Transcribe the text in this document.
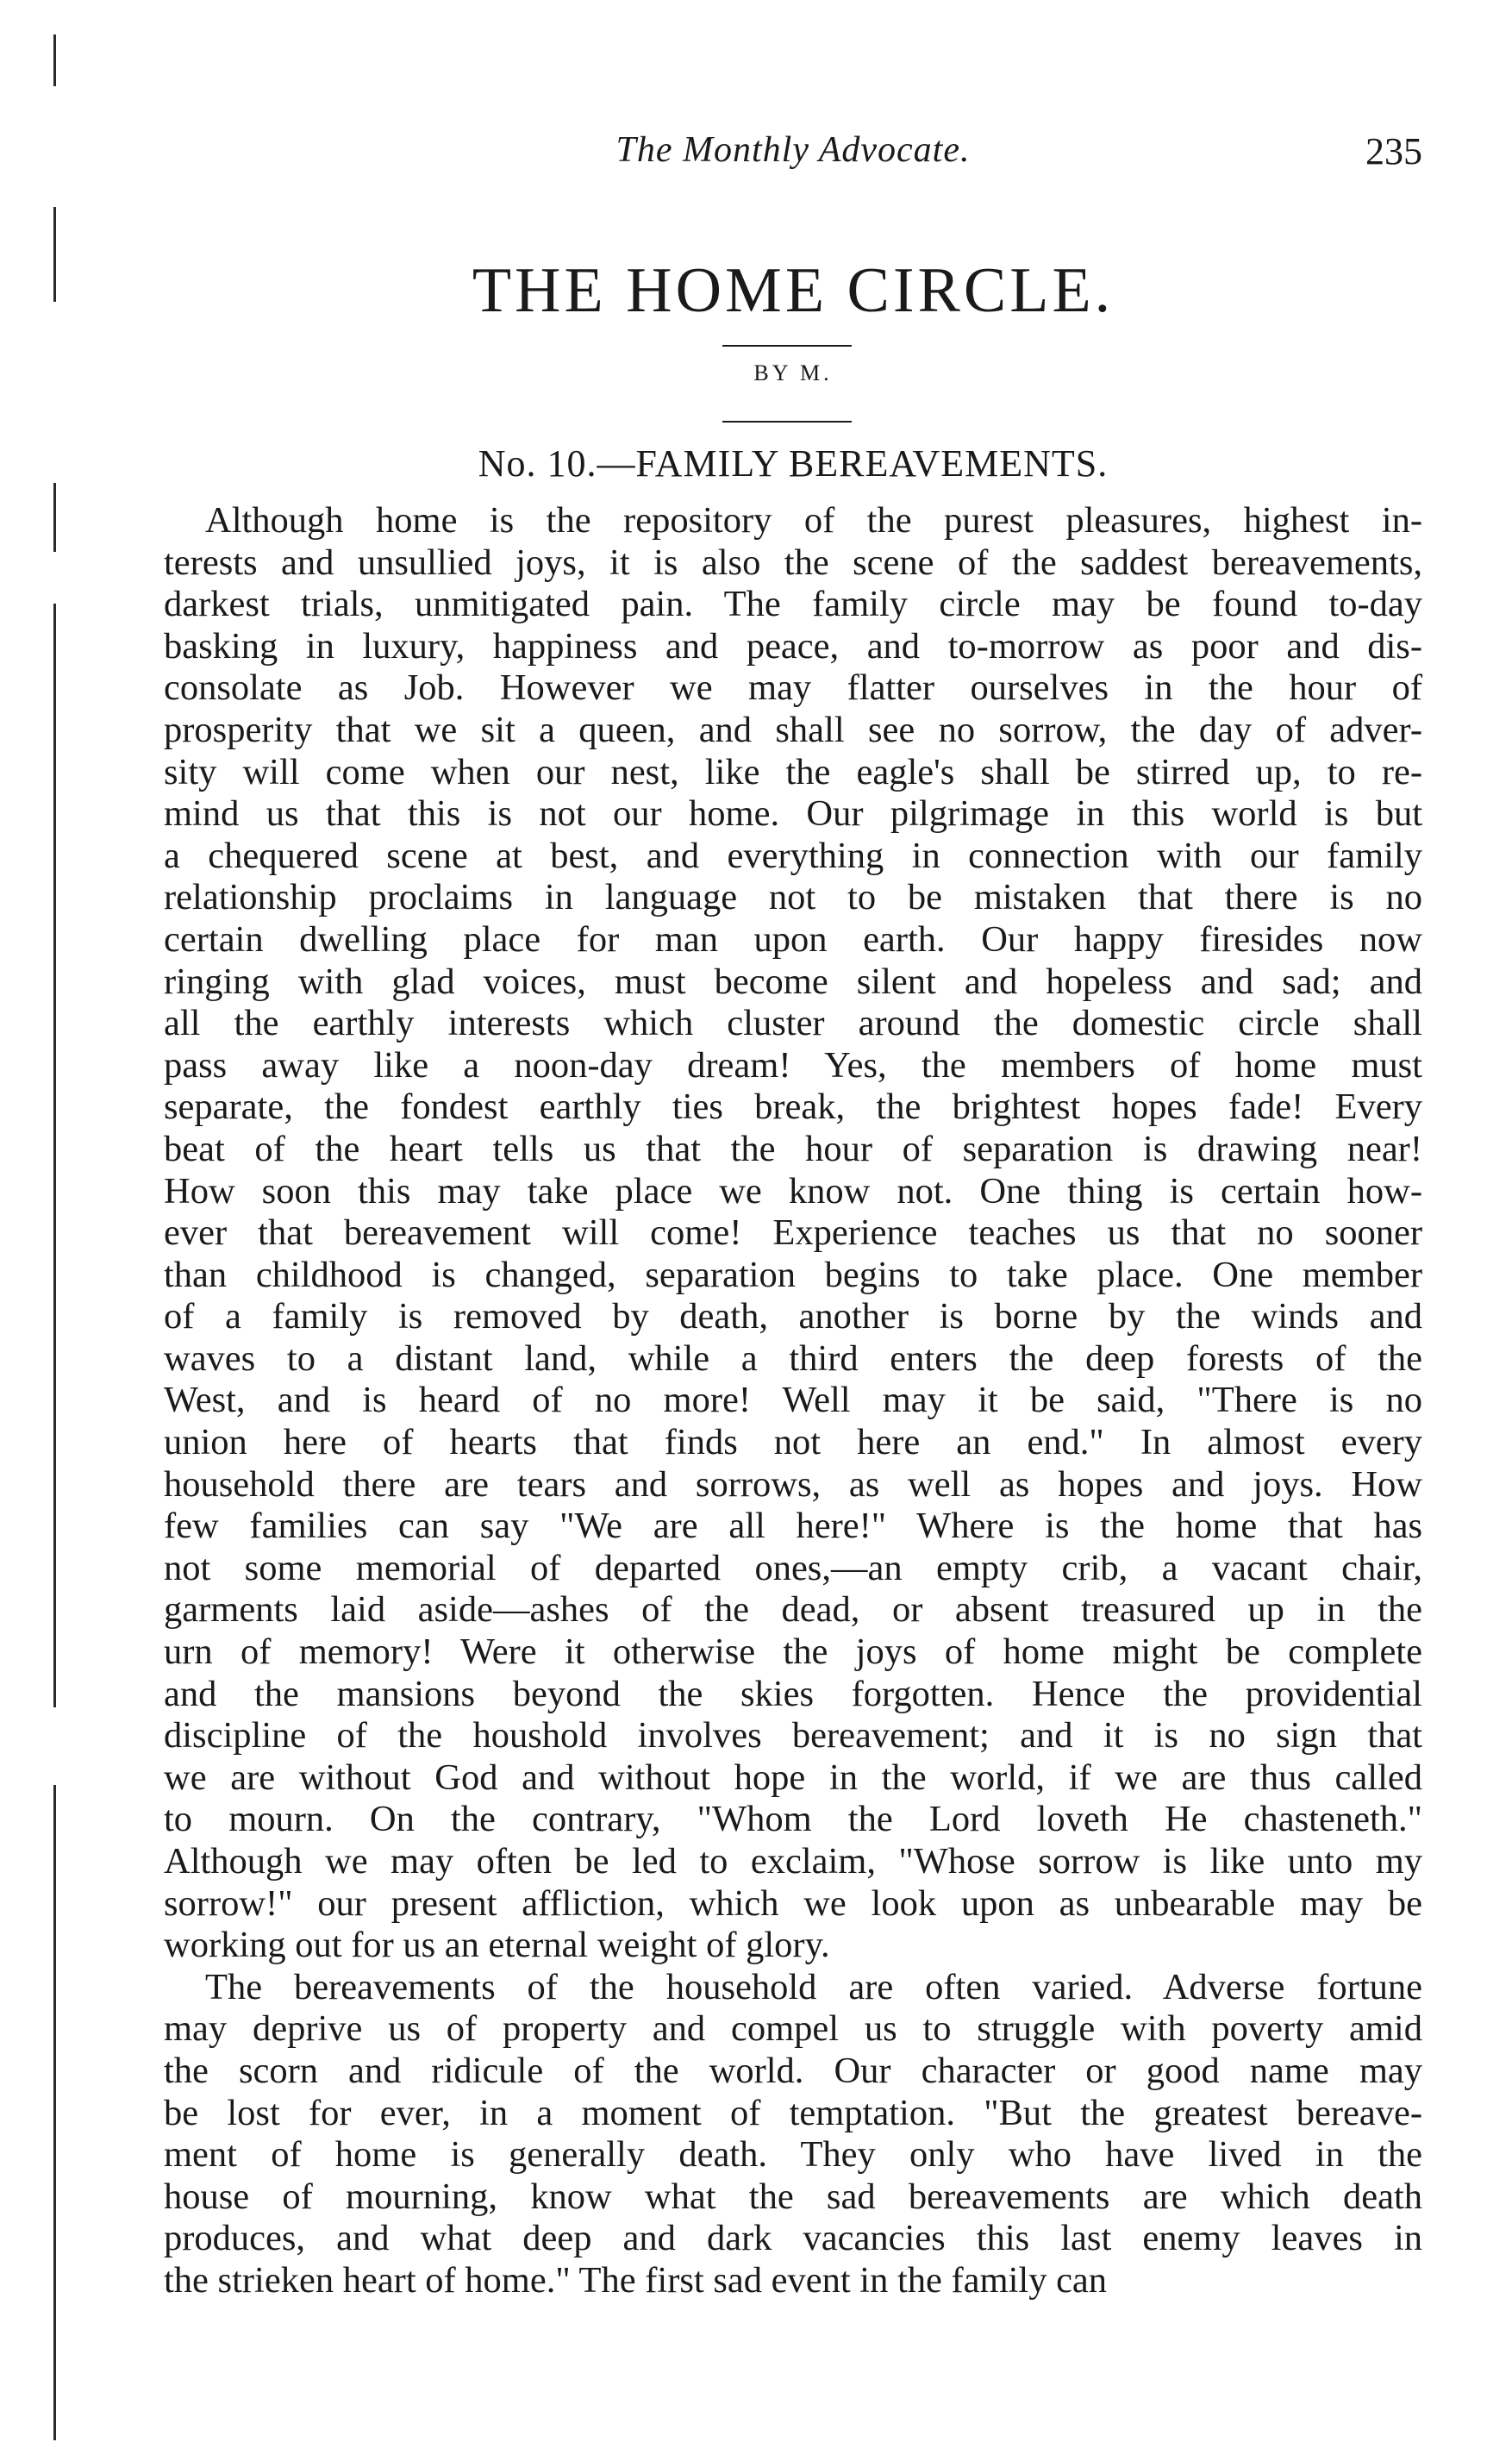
The Monthly Advocate.	235
THE HOME CIRCLE.
BY M.
No. 10.—FAMILY BEREAVEMENTS.
Although home is the repository of the purest pleasures, highest in-
terests and unsullied joys, it is also the scene of the saddest bereavements,
darkest trials, unmitigated pain. The family circle may be found to-day
basking in luxury, happiness and peace, and to-morrow as poor and dis-
consolate as Job. However we may flatter ourselves in the hour of
prosperity that we sit a queen, and shall see no sorrow, the day of adver-
sity will come when our nest, like the eagle's shall be stirred up, to re-
mind us that this is not our home. Our pilgrimage in this world is but
a chequered scene at best, and everything in connection with our family
relationship proclaims in language not to be mistaken that there is no
certain dwelling place for man upon earth. Our happy firesides now
ringing with glad voices, must become silent and hopeless and sad; and
all the earthly interests which cluster around the domestic circle shall
pass away like a noon-day dream! Yes, the members of home must
separate, the fondest earthly ties break, the brightest hopes fade! Every
beat of the heart tells us that the hour of separation is drawing near!
How soon this may take place we know not. One thing is certain how-
ever that bereavement will come! Experience teaches us that no sooner
than childhood is changed, separation begins to take place. One member
of a family is removed by death, another is borne by the winds and
waves to a distant land, while a third enters the deep forests of the
West, and is heard of no more! Well may it be said, "There is no
union here of hearts that finds not here an end." In almost every
household there are tears and sorrows, as well as hopes and joys. How
few families can say "We are all here!" Where is the home that has
not some memorial of departed ones,—an empty crib, a vacant chair,
garments laid aside—ashes of the dead, or absent treasured up in the
urn of memory! Were it otherwise the joys of home might be complete
and the mansions beyond the skies forgotten. Hence the providential
discipline of the houshold involves bereavement; and it is no sign that
we are without God and without hope in the world, if we are thus called
to mourn. On the contrary, "Whom the Lord loveth He chasteneth."
Although we may often be led to exclaim, "Whose sorrow is like unto my
sorrow!" our present affliction, which we look upon as unbearable may be
working out for us an eternal weight of glory.
The bereavements of the household are often varied. Adverse fortune
may deprive us of property and compel us to struggle with poverty amid
the scorn and ridicule of the world. Our character or good name may
be lost for ever, in a moment of temptation. "But the greatest bereave-
ment of home is generally death. They only who have lived in the
house of mourning, know what the sad bereavements are which death
produces, and what deep and dark vacancies this last enemy leaves in
the strieken heart of home." The first sad event in the family can
